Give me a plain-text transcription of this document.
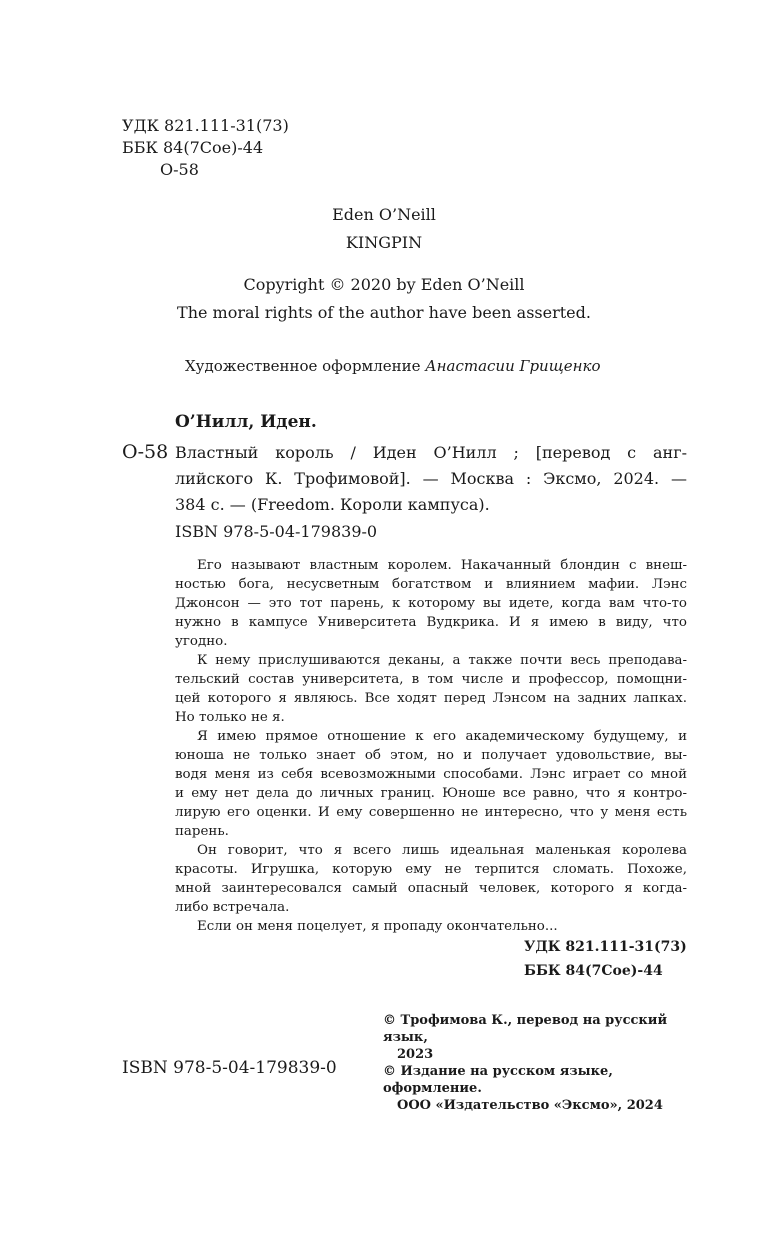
УДК 821.111-31(73)
ББК 84(7Сое)-44
О-58
Eden O’Neill
KINGPIN
Copyright © 2020 by Eden O’Neill
The moral rights of the author have been asserted.
Художественное оформление Анастасии Грищенко
О’Нилл, Иден.
О-58 Властный король / Иден О’Нилл ; [перевод с анг-
лийского К. Трофимовой]. — Москва : Эксмо, 2024. —
384 с. — (Freedom. Короли кампуса).
ISBN 978-5-04-179839-0
Его называют властным королем. Накачанный блондин с внеш-
ностью бога, несусветным богатством и влиянием мафии. Лэнс
Джонсон — это тот парень, к которому вы идете, когда вам что-то
нужно в кампусе Университета Вудкрика. И я имею в виду, что
угодно.
К нему прислушиваются деканы, а также почти весь преподава-
тельский состав университета, в том числе и профессор, помощни-
цей которого я являюсь. Все ходят перед Лэнсом на задних лапках.
Но только не я.
Я имею прямое отношение к его академическому будущему, и
юноша не только знает об этом, но и получает удовольствие, вы-
водя меня из себя всевозможными способами. Лэнс играет со мной
и ему нет дела до личных границ. Юноше все равно, что я контро-
лирую его оценки. И ему совершенно не интересно, что у меня есть
парень.
Он говорит, что я всего лишь идеальная маленькая королева
красоты. Игрушка, которую ему не терпится сломать. Похоже,
мной заинтересовался самый опасный человек, которого я когда-
либо встречала.
Если он меня поцелует, я пропаду окончательно...
УДК 821.111-31(73)
ББК 84(7Сое)-44
© Трофимова К., перевод на русский язык,
2023
© Издание на русском языке, оформление.
ООО «Издательство «Эксмо», 2024
ISBN 978-5-04-179839-0
